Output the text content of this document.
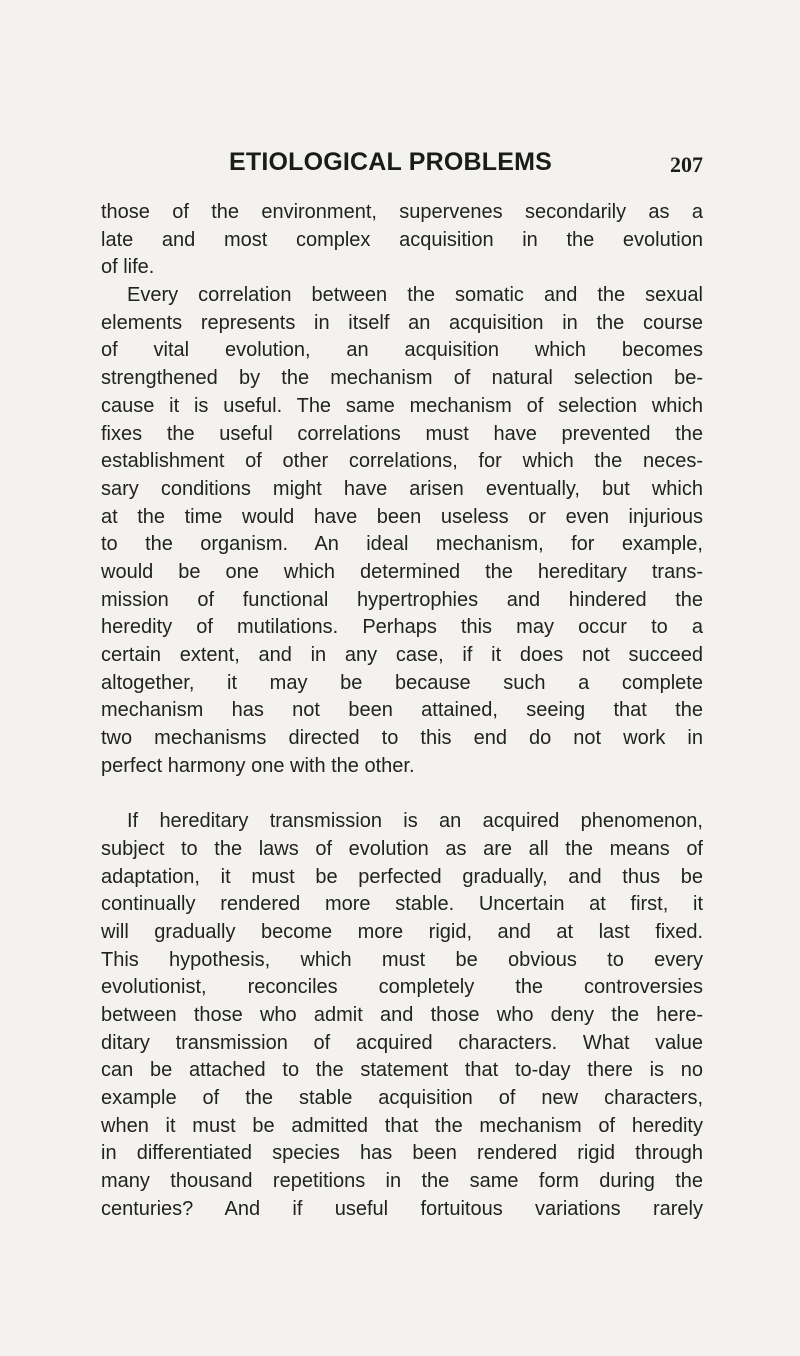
ETIOLOGICAL PROBLEMS	207
those of the environment, supervenes secondarily as a
late and most complex acquisition in the evolution
of life.
Every correlation between the somatic and the sexual
elements represents in itself an acquisition in the course
of vital evolution, an acquisition which becomes
strengthened by the mechanism of natural selection be-
cause it is useful. The same mechanism of selection which
fixes the useful correlations must have prevented the
establishment of other correlations, for which the neces-
sary conditions might have arisen eventually, but which
at the time would have been useless or even injurious
to the organism. An ideal mechanism, for example,
would be one which determined the hereditary trans-
mission of functional hypertrophies and hindered the
heredity of mutilations. Perhaps this may occur to a
certain extent, and in any case, if it does not succeed
altogether, it may be because such a complete
mechanism has not been attained, seeing that the
two mechanisms directed to this end do not work in
perfect harmony one with the other.
If hereditary transmission is an acquired phenomenon,
subject to the laws of evolution as are all the means of
adaptation, it must be perfected gradually, and thus be
continually rendered more stable. Uncertain at first, it
will gradually become more rigid, and at last fixed.
This hypothesis, which must be obvious to every
evolutionist, reconciles completely the controversies
between those who admit and those who deny the here-
ditary transmission of acquired characters. What value
can be attached to the statement that to-day there is no
example of the stable acquisition of new characters,
when it must be admitted that the mechanism of heredity
in differentiated species has been rendered rigid through
many thousand repetitions in the same form during the
centuries? And if useful fortuitous variations rarely
